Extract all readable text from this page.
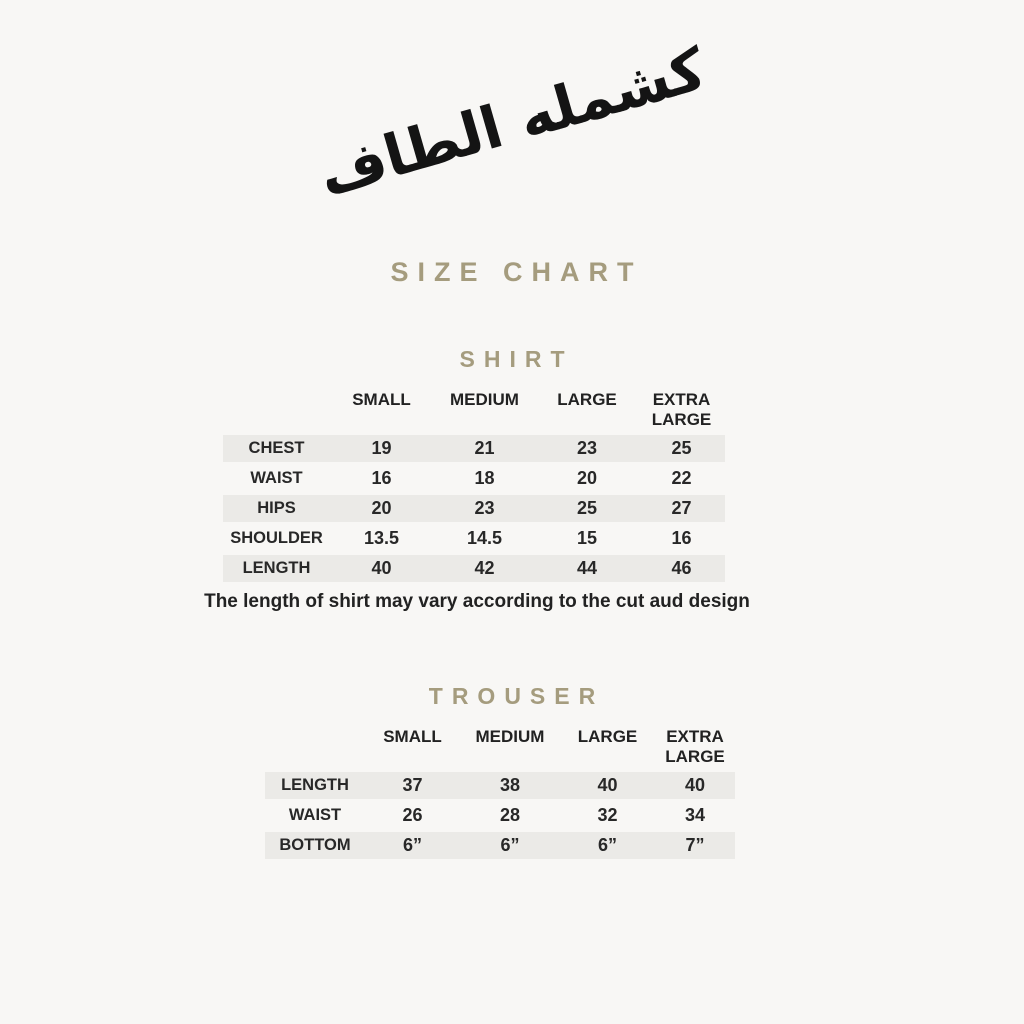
كشمله الطاف
SIZE CHART
SHIRT
	SMALL	MEDIUM	LARGE	EXTRA LARGE
CHEST	19	21	23	25
WAIST	16	18	20	22
HIPS	20	23	25	27
SHOULDER	13.5	14.5	15	16
LENGTH	40	42	44	46

The length of shirt may vary according to the cut aud design

TROUSER
	SMALL	MEDIUM	LARGE	EXTRA LARGE
LENGTH	37	38	40	40
WAIST	26	28	32	34
BOTTOM	6”	6”	6”	7”
